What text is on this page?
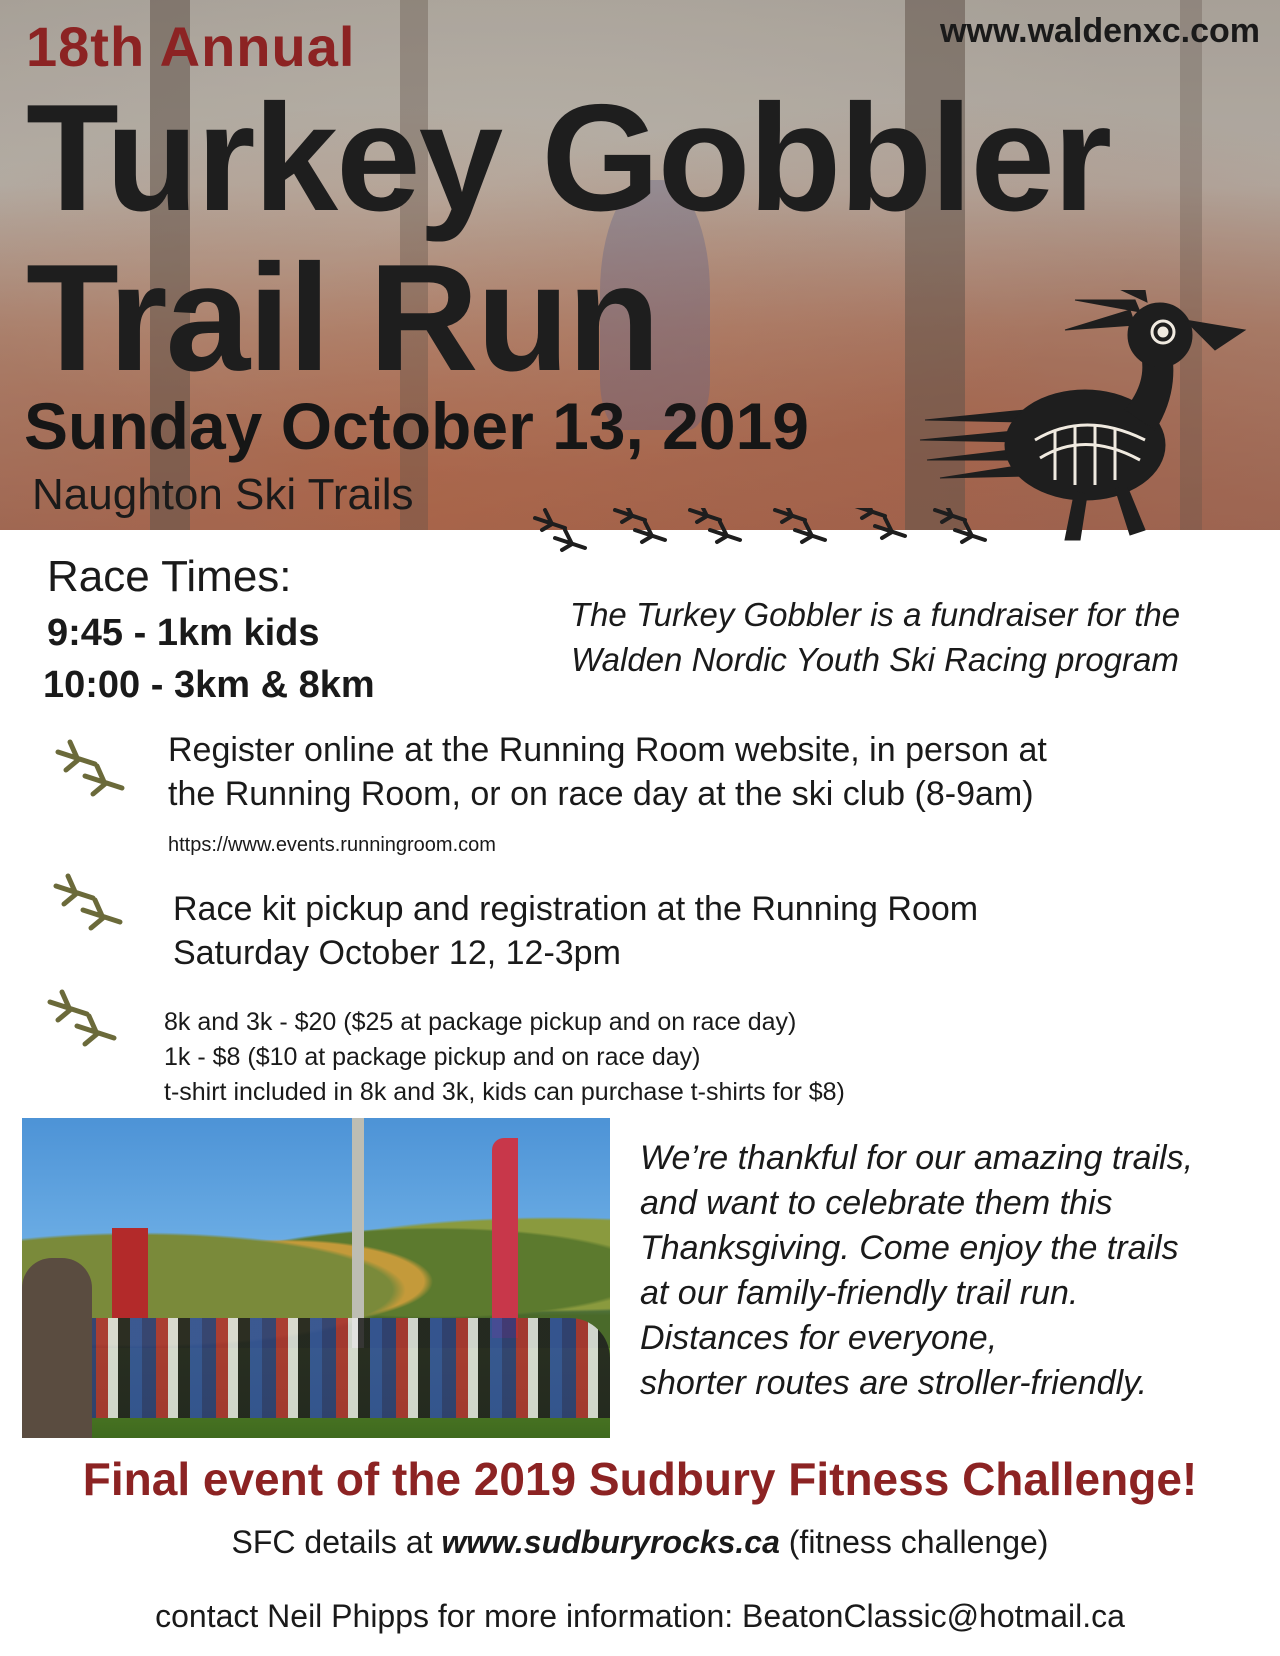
18th Annual	www.waldenxc.com
Turkey Gobbler
Trail Run
Sunday October 13, 2019
Naughton Ski Trails
Race Times:
9:45 - 1km kids
10:00 - 3km & 8km
The Turkey Gobbler is a fundraiser for the
Walden Nordic Youth Ski Racing program
Register online at the Running Room website, in person at
the Running Room, or on race day at the ski club (8-9am)
https://www.events.runningroom.com
Race kit pickup and registration at the Running Room
Saturday October 12, 12-3pm
8k and 3k - $20 ($25 at package pickup and on race day)
1k - $8 ($10 at package pickup and on race day)
t-shirt included in 8k and 3k, kids can purchase t-shirts for $8)
We’re thankful for our amazing trails,
and want to celebrate them this
Thanksgiving. Come enjoy the trails
at our family-friendly trail run.
Distances for everyone,
shorter routes are stroller-friendly.
Final event of the 2019 Sudbury Fitness Challenge!
SFC details at www.sudburyrocks.ca (fitness challenge)
contact Neil Phipps for more information: BeatonClassic@hotmail.ca
